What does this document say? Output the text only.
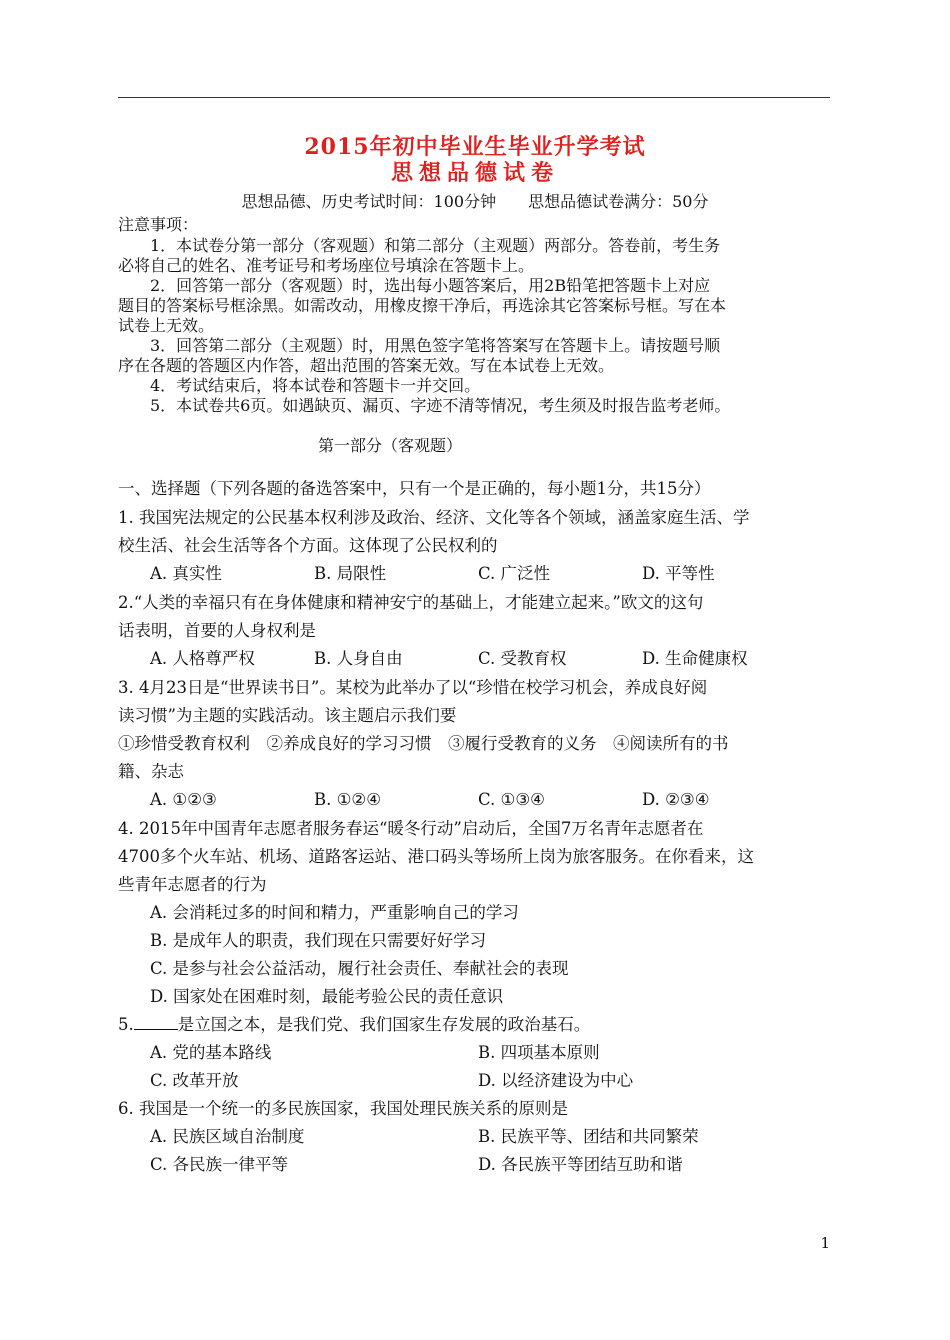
2015年初中毕业生毕业升学考试
思想品德试卷
思想品德、历史考试时间：100分钟　　思想品德试卷满分：50分
注意事项：
　　1．本试卷分第一部分（客观题）和第二部分（主观题）两部分。答卷前，考生务
必将自己的姓名、准考证号和考场座位号填涂在答题卡上。
　　2．回答第一部分（客观题）时，选出每小题答案后，用2B铅笔把答题卡上对应
题目的答案标号框涂黑。如需改动，用橡皮擦干净后，再选涂其它答案标号框。写在本
试卷上无效。
　　3．回答第二部分（主观题）时，用黑色签字笔将答案写在答题卡上。请按题号顺
序在各题的答题区内作答，超出范围的答案无效。写在本试卷上无效。
　　4．考试结束后，将本试卷和答题卡一并交回。
　　5．本试卷共6页。如遇缺页、漏页、字迹不清等情况，考生须及时报告监考老师。
第一部分（客观题）
一、选择题（下列各题的备选答案中，只有一个是正确的，每小题1分，共15分）
1. 我国宪法规定的公民基本权利涉及政治、经济、文化等各个领域，涵盖家庭生活、学
校生活、社会生活等各个方面。这体现了公民权利的
A. 真实性	B. 局限性	C. 广泛性	D. 平等性
2.“人类的幸福只有在身体健康和精神安宁的基础上，才能建立起来。”欧文的这句
话表明，首要的人身权利是
A. 人格尊严权	B. 人身自由	C. 受教育权	D. 生命健康权
3. 4月23日是“世界读书日”。某校为此举办了以“珍惜在校学习机会，养成良好阅
读习惯”为主题的实践活动。该主题启示我们要
①珍惜受教育权利　②养成良好的学习习惯　③履行受教育的义务　④阅读所有的书
籍、杂志
A. ①②③	B. ①②④	C. ①③④	D. ②③④
4. 2015年中国青年志愿者服务春运“暖冬行动”启动后，全国7万名青年志愿者在
4700多个火车站、机场、道路客运站、港口码头等场所上岗为旅客服务。在你看来，这
些青年志愿者的行为
A. 会消耗过多的时间和精力，严重影响自己的学习
B. 是成年人的职责，我们现在只需要好好学习
C. 是参与社会公益活动，履行社会责任、奉献社会的表现
D. 国家处在困难时刻，最能考验公民的责任意识
5.	是立国之本，是我们党、我们国家生存发展的政治基石。
A. 党的基本路线	B. 四项基本原则
C. 改革开放	D. 以经济建设为中心
6. 我国是一个统一的多民族国家，我国处理民族关系的原则是
A. 民族区域自治制度	B. 民族平等、团结和共同繁荣
C. 各民族一律平等	D. 各民族平等团结互助和谐
1
